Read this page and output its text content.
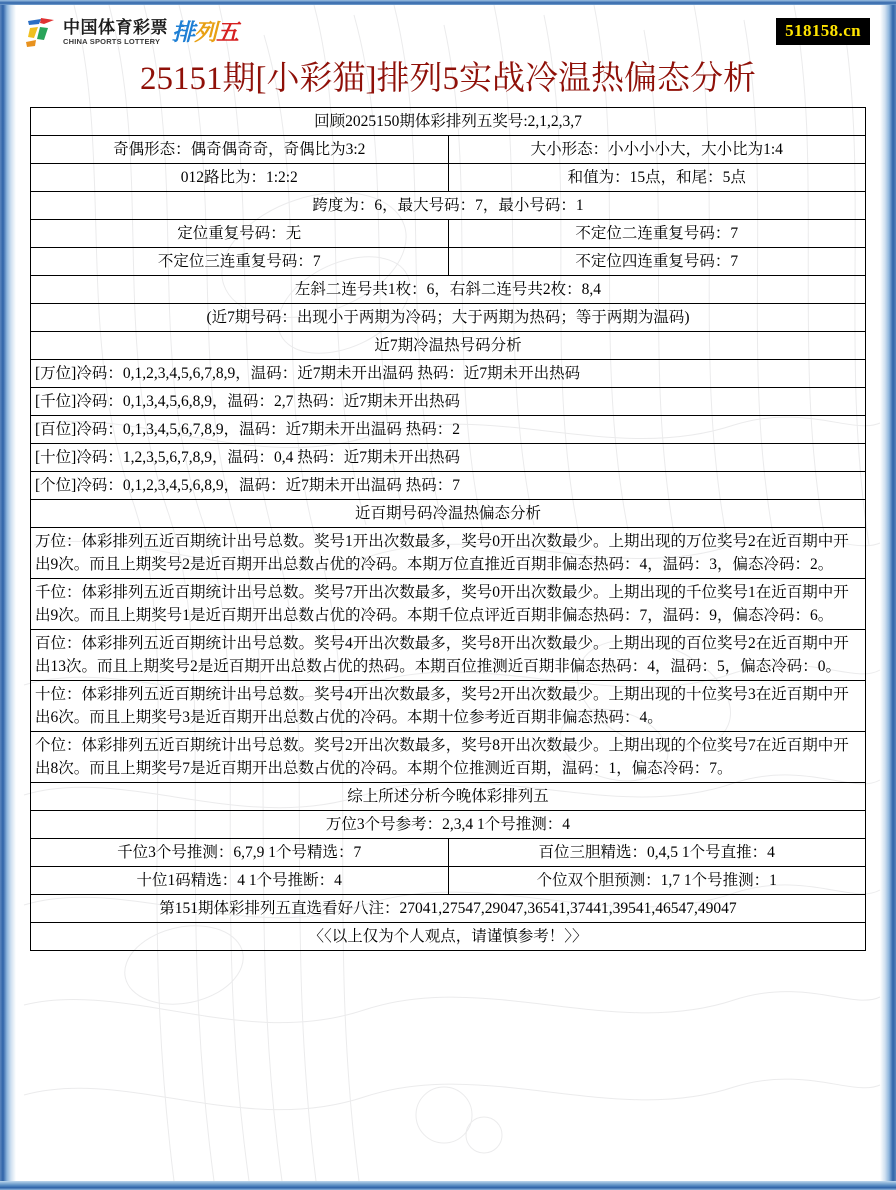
中国体育彩票
CHINA SPORTS LOTTERY 排列五	518158.cn
25151期[小彩猫]排列5实战冷温热偏态分析
回顾2025150期体彩排列五奖号:2,1,2,3,7	
奇偶形态：偶奇偶奇奇，奇偶比为3:2	大小形态：小小小小大，大小比为1:4
012路比为：1:2:2	和值为：15点，和尾：5点
跨度为：6，最大号码：7，最小号码：1	
定位重复号码：无	不定位二连重复号码：7
不定位三连重复号码：7	不定位四连重复号码：7
左斜二连号共1枚：6，右斜二连号共2枚：8,4	
(近7期号码：出现小于两期为冷码；大于两期为热码；等于两期为温码)	
近7期冷温热号码分析	
[万位]冷码：0,1,2,3,4,5,6,7,8,9，温码：近7期未开出温码 热码：近7期未开出热码	
[千位]冷码：0,1,3,4,5,6,8,9，温码：2,7 热码：近7期未开出热码	
[百位]冷码：0,1,3,4,5,6,7,8,9，温码：近7期未开出温码 热码：2	
[十位]冷码：1,2,3,5,6,7,8,9，温码：0,4 热码：近7期未开出热码	
[个位]冷码：0,1,2,3,4,5,6,8,9，温码：近7期未开出温码 热码：7	
近百期号码冷温热偏态分析	
万位：体彩排列五近百期统计出号总数。奖号1开出次数最多，奖号0开出次数最少。上期出现的万位奖号2在近百期中开出9次。而且上期奖号2是近百期开出总数占优的冷码。本期万位直推近百期非偏态热码：4，温码：3，偏态冷码：2。	
千位：体彩排列五近百期统计出号总数。奖号7开出次数最多，奖号0开出次数最少。上期出现的千位奖号1在近百期中开出9次。而且上期奖号1是近百期开出总数占优的冷码。本期千位点评近百期非偏态热码：7，温码：9，偏态冷码：6。	
百位：体彩排列五近百期统计出号总数。奖号4开出次数最多，奖号8开出次数最少。上期出现的百位奖号2在近百期中开出13次。而且上期奖号2是近百期开出总数占优的热码。本期百位推测近百期非偏态热码：4，温码：5，偏态冷码：0。	
十位：体彩排列五近百期统计出号总数。奖号4开出次数最多，奖号2开出次数最少。上期出现的十位奖号3在近百期中开出6次。而且上期奖号3是近百期开出总数占优的冷码。本期十位参考近百期非偏态热码：4。	
个位：体彩排列五近百期统计出号总数。奖号2开出次数最多，奖号8开出次数最少。上期出现的个位奖号7在近百期中开出8次。而且上期奖号7是近百期开出总数占优的冷码。本期个位推测近百期，温码：1，偏态冷码：7。	
综上所述分析今晚体彩排列五	
万位3个号参考：2,3,4 1个号推测：4	
千位3个号推测：6,7,9 1个号精选：7	百位三胆精选：0,4,5 1个号直推：4
十位1码精选：4 1个号推断：4	个位双个胆预测：1,7 1个号推测：1
第151期体彩排列五直选看好八注：27041,27547,29047,36541,37441,39541,46547,49047	
〈〈以上仅为个人观点，请谨慎参考！〉〉	
